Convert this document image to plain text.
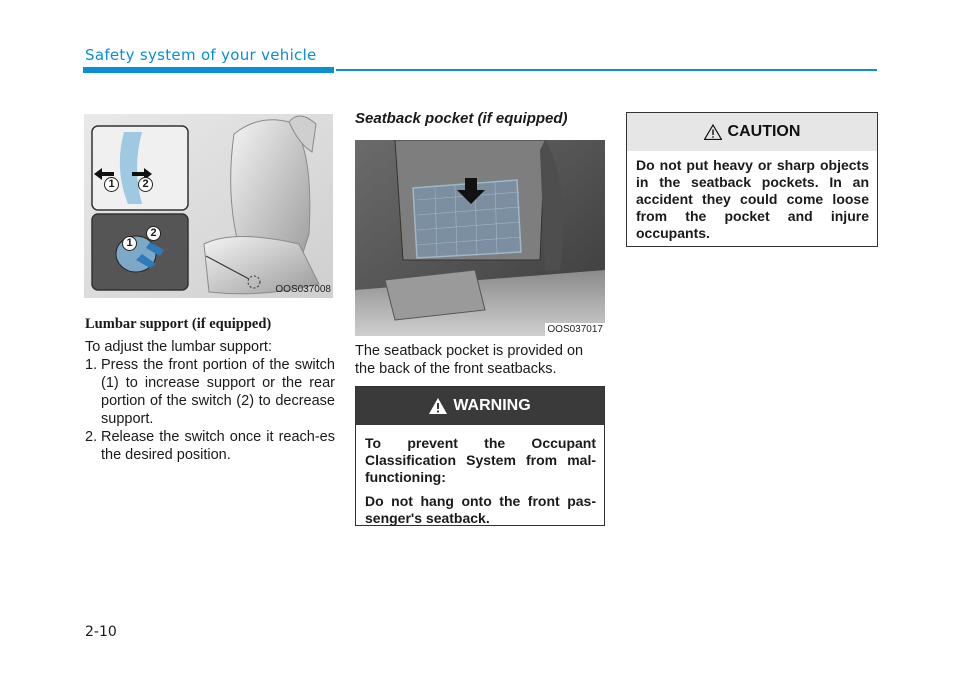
Safety system of your vehicle
1	2
1
2
OOS037008
Lumbar support (if equipped)
To adjust the lumbar support:
1. Press the front portion of the switch (1) to increase support or the rear portion of the switch (2) to decrease support.
2. Release the switch once it reach-es the desired position.
Seatback pocket (if equipped)
OOS037017
The seatback pocket is provided on the back of the front seatbacks.
WARNING

To prevent the Occupant Classification System from mal-functioning:

Do not hang onto the front pas-senger's seatback.

CAUTION

Do not put heavy or sharp objects in the seatback pockets. In an accident they could come loose from the pocket and injure occupants.

2-10
